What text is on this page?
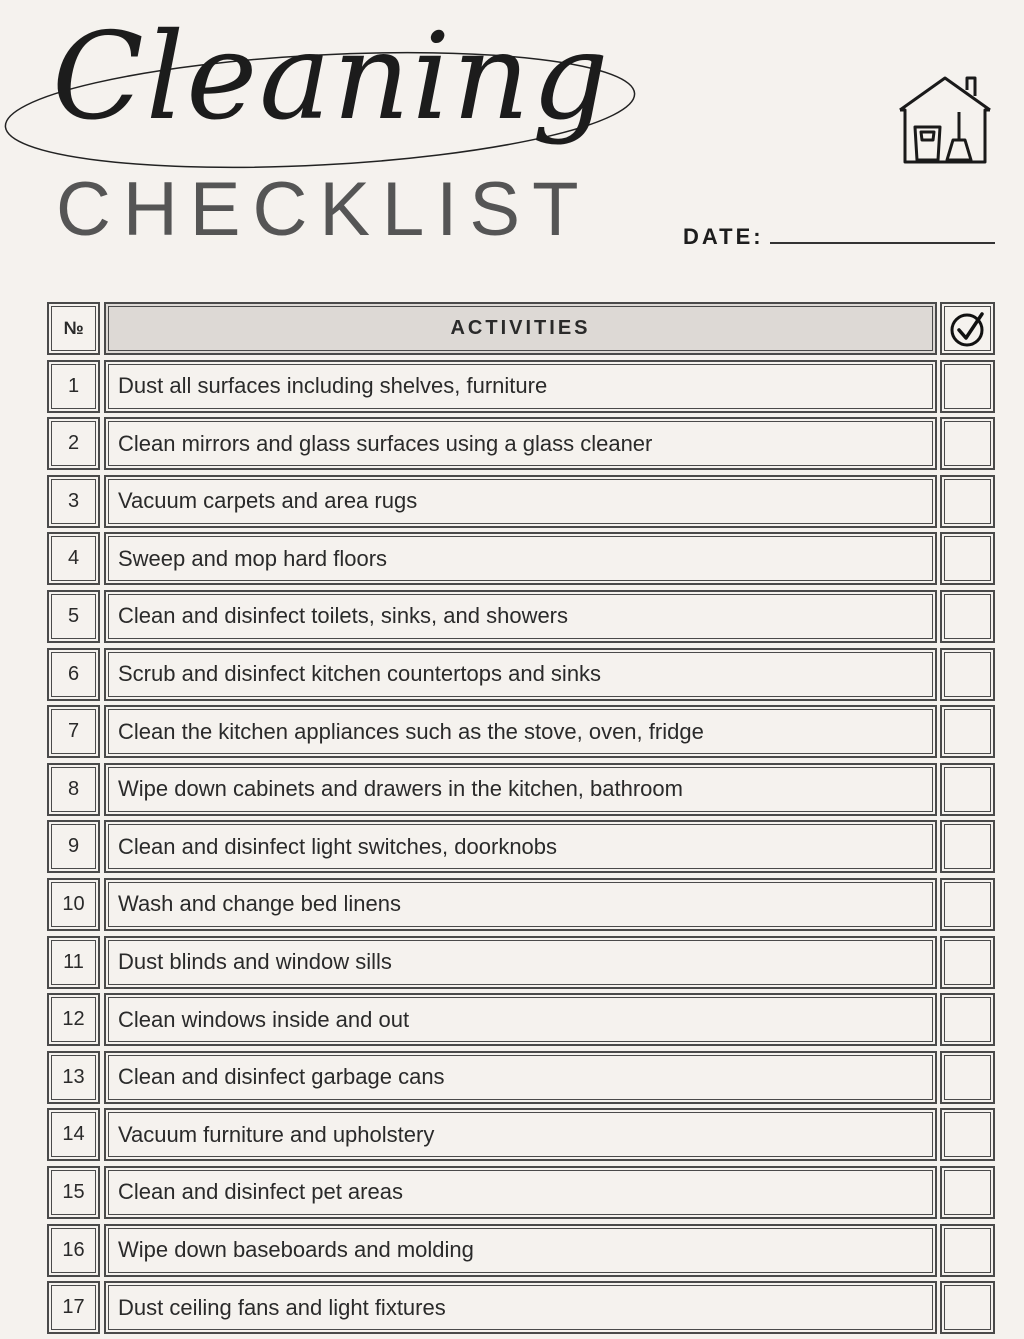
Cleaning
CHECKLIST	DATE:
№	ACTIVITIES
1	Dust all surfaces including shelves, furniture
2	Clean mirrors and glass surfaces using a glass cleaner
3	Vacuum carpets and area rugs
4	Sweep and mop hard floors
5	Clean and disinfect toilets, sinks, and showers
6	Scrub and disinfect kitchen countertops and sinks
7	Clean the kitchen appliances such as the stove, oven, fridge
8	Wipe down cabinets and drawers in the kitchen, bathroom
9	Clean and disinfect light switches, doorknobs
10	Wash and change bed linens
11	Dust blinds and window sills
12	Clean windows inside and out
13	Clean and disinfect garbage cans
14	Vacuum furniture and upholstery
15	Clean and disinfect pet areas
16	Wipe down baseboards and molding
17	Dust ceiling fans and light fixtures
